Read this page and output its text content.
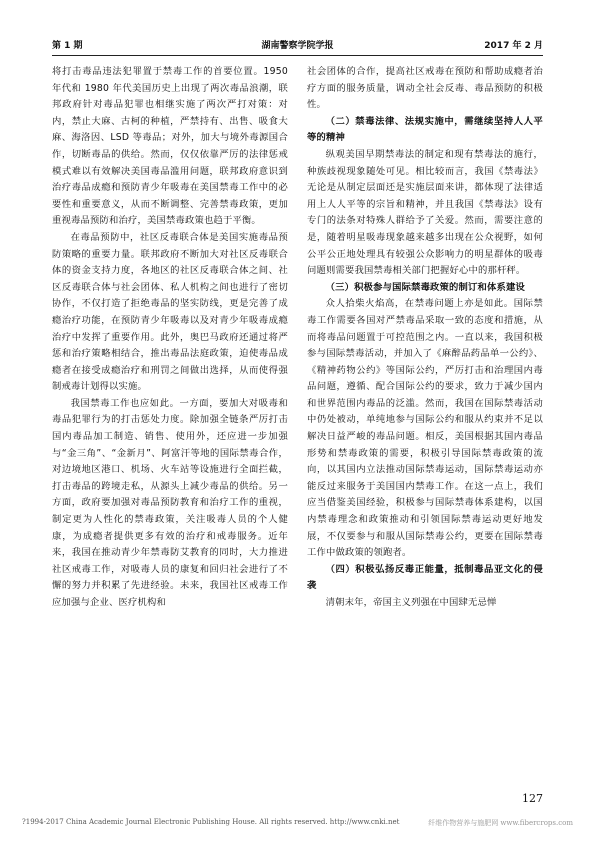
第 1 期	湖南警察学院学报	2017 年 2 月

将打击毒品违法犯罪置于禁毒工作的首要位置。1950 年代和 1980 年代美国历史上出现了两次毒品浪潮，联邦政府针对毒品犯罪也相继实施了两次严打对策：对内，禁止大麻、古柯的种植，严禁持有、出售、吸食大麻、海洛因、LSD 等毒品；对外，加大与境外毒源国合作，切断毒品的供给。然而，仅仅依靠严厉的法律惩戒模式难以有效解决美国毒品滥用问题，联邦政府意识到治疗毒品成瘾和预防青少年吸毒在美国禁毒工作中的必要性和重要意义，从而不断调整、完善禁毒政策，更加重视毒品预防和治疗，美国禁毒政策也趋于平衡。

在毒品预防中，社区反毒联合体是美国实施毒品预防策略的重要力量。联邦政府不断加大对社区反毒联合体的资金支持力度，各地区的社区反毒联合体之间、社区反毒联合体与社会团体、私人机构之间也进行了密切协作，不仅打造了拒绝毒品的坚实防线，更是完善了成瘾治疗功能，在预防青少年吸毒以及对青少年吸毒成瘾治疗中发挥了重要作用。此外，奥巴马政府还通过将严惩和治疗策略相结合，推出毒品法庭政策，迫使毒品成瘾者在接受成瘾治疗和刑罚之间做出选择，从而使得强制戒毒计划得以实施。

我国禁毒工作也应如此。一方面，要加大对吸毒和毒品犯罪行为的打击惩处力度。除加强全链条严厉打击国内毒品加工制造、销售、使用外，还应进一步加强与“金三角”、“金新月”、阿富汗等地的国际禁毒合作，对边境地区港口、机场、火车站等设施进行全面拦截，打击毒品的跨境走私，从源头上减少毒品的供给。另一方面，政府要加强对毒品预防教育和治疗工作的重视，制定更为人性化的禁毒政策，关注吸毒人员的个人健康，为成瘾者提供更多有效的治疗和戒毒服务。近年来，我国在推动青少年禁毒防艾教育的同时，大力推进社区戒毒工作，对吸毒人员的康复和回归社会进行了不懈的努力并积累了先进经验。未来，我国社区戒毒工作应加强与企业、医疗机构和

社会团体的合作，提高社区戒毒在预防和帮助成瘾者治疗方面的服务质量，调动全社会反毒、毒品预防的积极性。

（二）禁毒法律、法规实施中，需继续坚持人人平等的精神

纵观美国早期禁毒法的制定和现有禁毒法的施行，种族歧视现象随处可见。相比较而言，我国《禁毒法》无论是从制定层面还是实施层面来讲，都体现了法律适用上人人平等的宗旨和精神，并且我国《禁毒法》设有专门的法条对特殊人群给予了关爱。然而，需要注意的是，随着明星吸毒现象越来越多出现在公众视野，如何公平公正地处理具有较强公众影响力的明星群体的吸毒问题则需要我国禁毒相关部门把握好心中的那杆秤。

（三）积极参与国际禁毒政策的制订和体系建设

众人拾柴火焰高，在禁毒问题上亦是如此。国际禁毒工作需要各国对严禁毒品采取一致的态度和措施，从而将毒品问题置于可控范围之内。一直以来，我国积极参与国际禁毒活动，并加入了《麻醉品药品单一公约》、《精神药物公约》等国际公约，严厉打击和治理国内毒品问题，遵循、配合国际公约的要求，致力于减少国内和世界范围内毒品的泛滥。然而，我国在国际禁毒活动中仍处被动，单纯地参与国际公约和服从约束并不足以解决日益严峻的毒品问题。相反，美国根据其国内毒品形势和禁毒政策的需要，积极引导国际禁毒政策的流向，以其国内立法推动国际禁毒运动，国际禁毒运动亦能反过来服务于美国国内禁毒工作。在这一点上，我们应当借鉴美国经验，积极参与国际禁毒体系建构，以国内禁毒理念和政策推动和引领国际禁毒运动更好地发展，不仅要参与和服从国际禁毒公约，更要在国际禁毒工作中做政策的领跑者。

（四）积极弘扬反毒正能量，抵制毒品亚文化的侵袭

清朝末年，帝国主义列强在中国肆无忌惮

127
?1994-2017 China Academic Journal Electronic Publishing House. All rights reserved. http://www.cnki.net	纤维作物营养与施肥网 www.fibercrops.com
